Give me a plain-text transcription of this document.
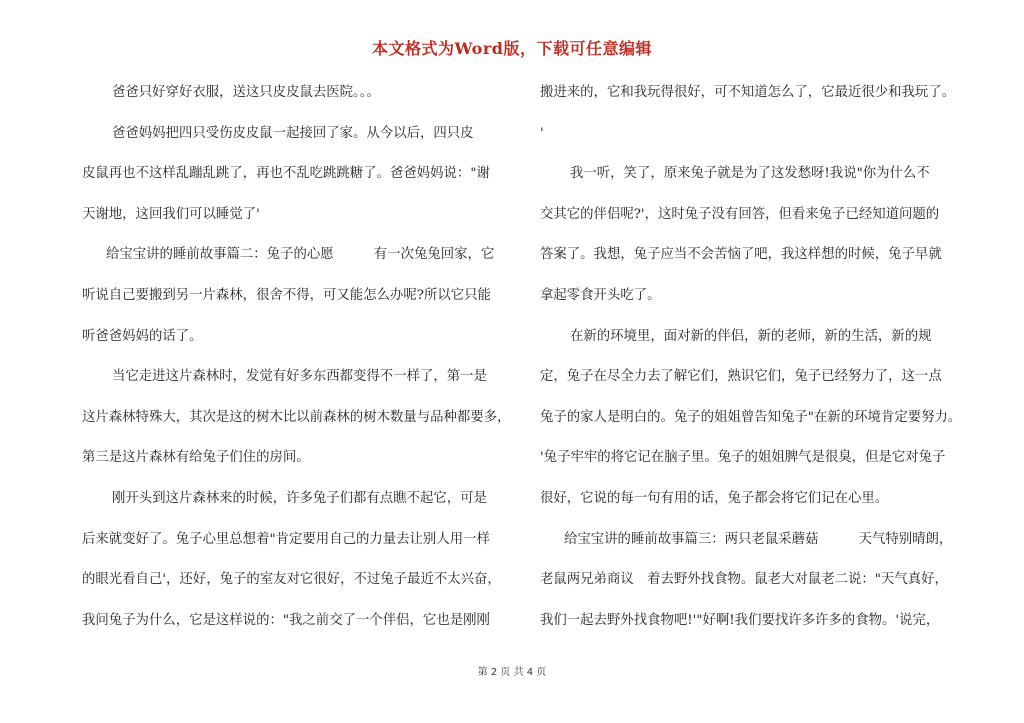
本文格式为Word版，下载可任意编辑
爸爸只好穿好衣服，送这只皮皮鼠去医院。。。
爸爸妈妈把四只受伤皮皮鼠一起接回了家。从今以后，四只皮
皮鼠再也不这样乱蹦乱跳了，再也不乱吃跳跳糖了。爸爸妈妈说："谢
天谢地，这回我们可以睡觉了'
给宝宝讲的睡前故事篇二：兔子的心愿　　　有一次兔兔回家，它
听说自己要搬到另一片森林，很舍不得，可又能怎么办呢?所以它只能
听爸爸妈妈的话了。
当它走进这片森林时，发觉有好多东西都变得不一样了，第一是
这片森林特殊大，其次是这的树木比以前森林的树木数量与品种都要多，
第三是这片森林有给兔子们住的房间。
刚开头到这片森林来的时候，许多兔子们都有点瞧不起它，可是
后来就变好了。兔子心里总想着"肯定要用自己的力量去让别人用一样
的眼光看自己'，还好，兔子的室友对它很好，不过兔子最近不太兴奋，
我问兔子为什么，它是这样说的："我之前交了一个伴侣，它也是刚刚
搬进来的，它和我玩得很好，可不知道怎么了，它最近很少和我玩了。
'
我一听，笑了，原来兔子就是为了这发愁呀!我说"你为什么不
交其它的伴侣呢?'，这时兔子没有回答，但看来兔子已经知道问题的
答案了。我想，兔子应当不会苦恼了吧，我这样想的时候，兔子早就
拿起零食开头吃了。
在新的环境里，面对新的伴侣，新的老师，新的生活，新的规
定，兔子在尽全力去了解它们，熟识它们，兔子已经努力了，这一点
兔子的家人是明白的。兔子的姐姐曾告知兔子"在新的环境肯定要努力。
'兔子牢牢的将它记在脑子里。兔子的姐姐脾气是很臭，但是它对兔子
很好，它说的每一句有用的话，兔子都会将它们记在心里。
给宝宝讲的睡前故事篇三：两只老鼠采蘑菇　　　天气特别晴朗，
老鼠两兄弟商议　着去野外找食物。鼠老大对鼠老二说："天气真好，
我们一起去野外找食物吧!'"好啊!我们要找许多许多的食物。'说完，
第 2 页 共 4 页
